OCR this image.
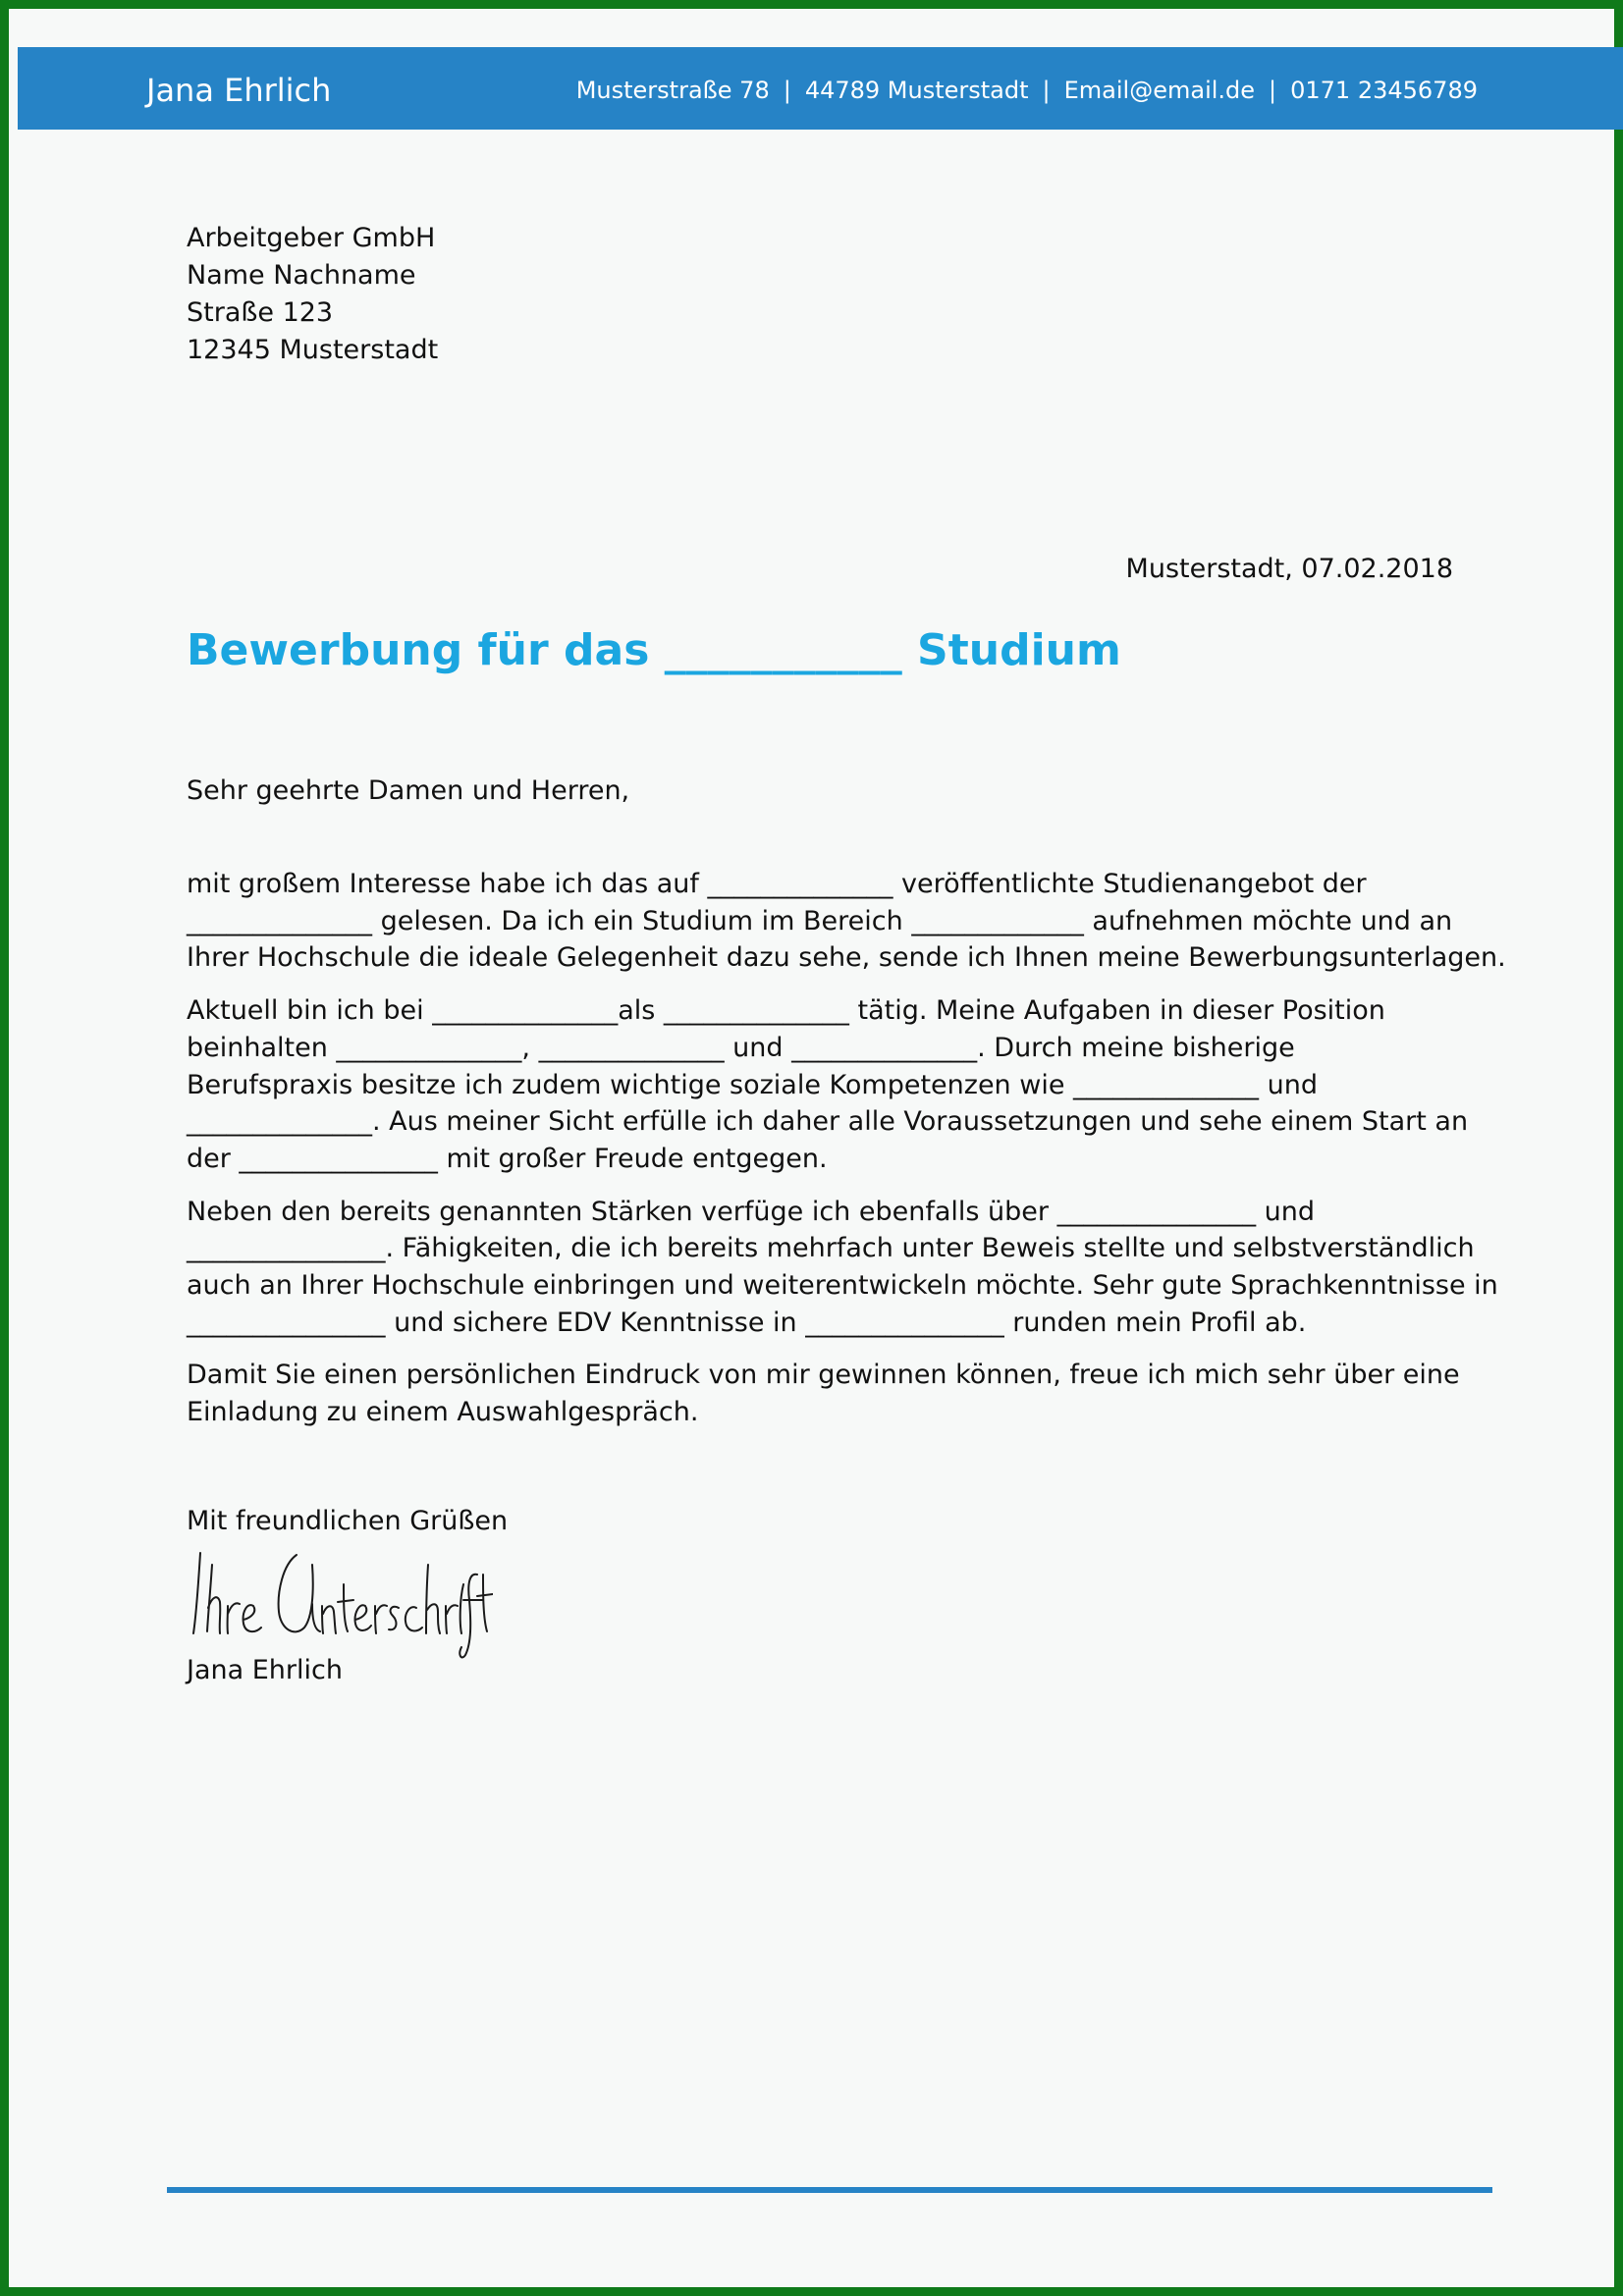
Jana Ehrlich	Musterstraße 78 | 44789 Musterstadt | Email@email.de | 0171 23456789
Arbeitgeber GmbH
Name Nachname
Straße 123
12345 Musterstadt
Musterstadt, 07.02.2018
Bewerbung für das ___________ Studium
Sehr geehrte Damen und Herren,

mit großem Interesse habe ich das auf ______________ veröffentlichte Studienangebot der
______________ gelesen. Da ich ein Studium im Bereich _____________ aufnehmen möchte und an
Ihrer Hochschule die ideale Gelegenheit dazu sehe, sende ich Ihnen meine Bewerbungsunterlagen.

Aktuell bin ich bei ______________als ______________ tätig. Meine Aufgaben in dieser Position
beinhalten ______________, ______________ und ______________. Durch meine bisherige
Berufspraxis besitze ich zudem wichtige soziale Kompetenzen wie ______________ und
______________. Aus meiner Sicht erfülle ich daher alle Voraussetzungen und sehe einem Start an
der _______________ mit großer Freude entgegen.

Neben den bereits genannten Stärken verfüge ich ebenfalls über _______________ und
_______________. Fähigkeiten, die ich bereits mehrfach unter Beweis stellte und selbstverständlich
auch an Ihrer Hochschule einbringen und weiterentwickeln möchte. Sehr gute Sprachkenntnisse in
_______________ und sichere EDV Kenntnisse in _______________ runden mein Profil ab.

Damit Sie einen persönlichen Eindruck von mir gewinnen können, freue ich mich sehr über eine
Einladung zu einem Auswahlgespräch.

Mit freundlichen Grüßen
Jana Ehrlich
